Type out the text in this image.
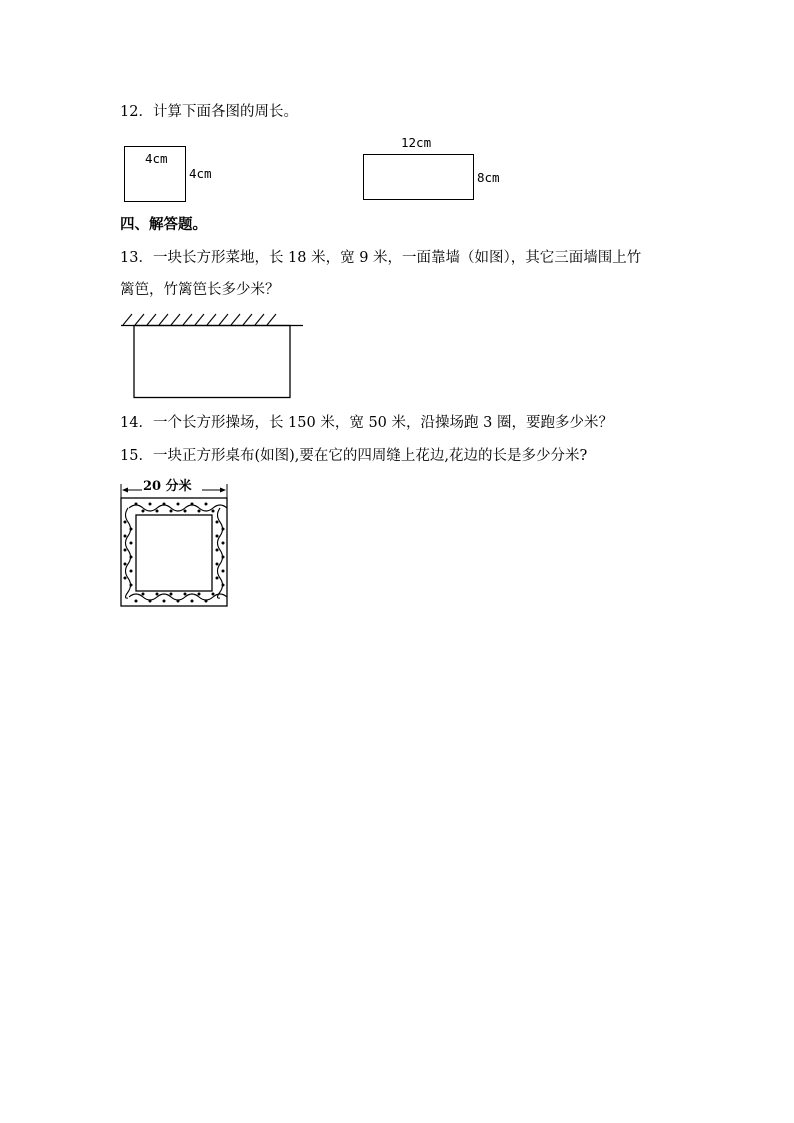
12．计算下面各图的周长。
4cm
4cm
12cm
8cm
四、解答题。
13．一块长方形菜地，长 18 米，宽 9 米，一面靠墙（如图），其它三面墙围上竹
篱笆，竹篱笆长多少米？
14．一个长方形操场，长 150 米，宽 50 米，沿操场跑 3 圈，要跑多少米？
15．一块正方形桌布(如图),要在它的四周缝上花边,花边的长是多少分米?
20 分米
